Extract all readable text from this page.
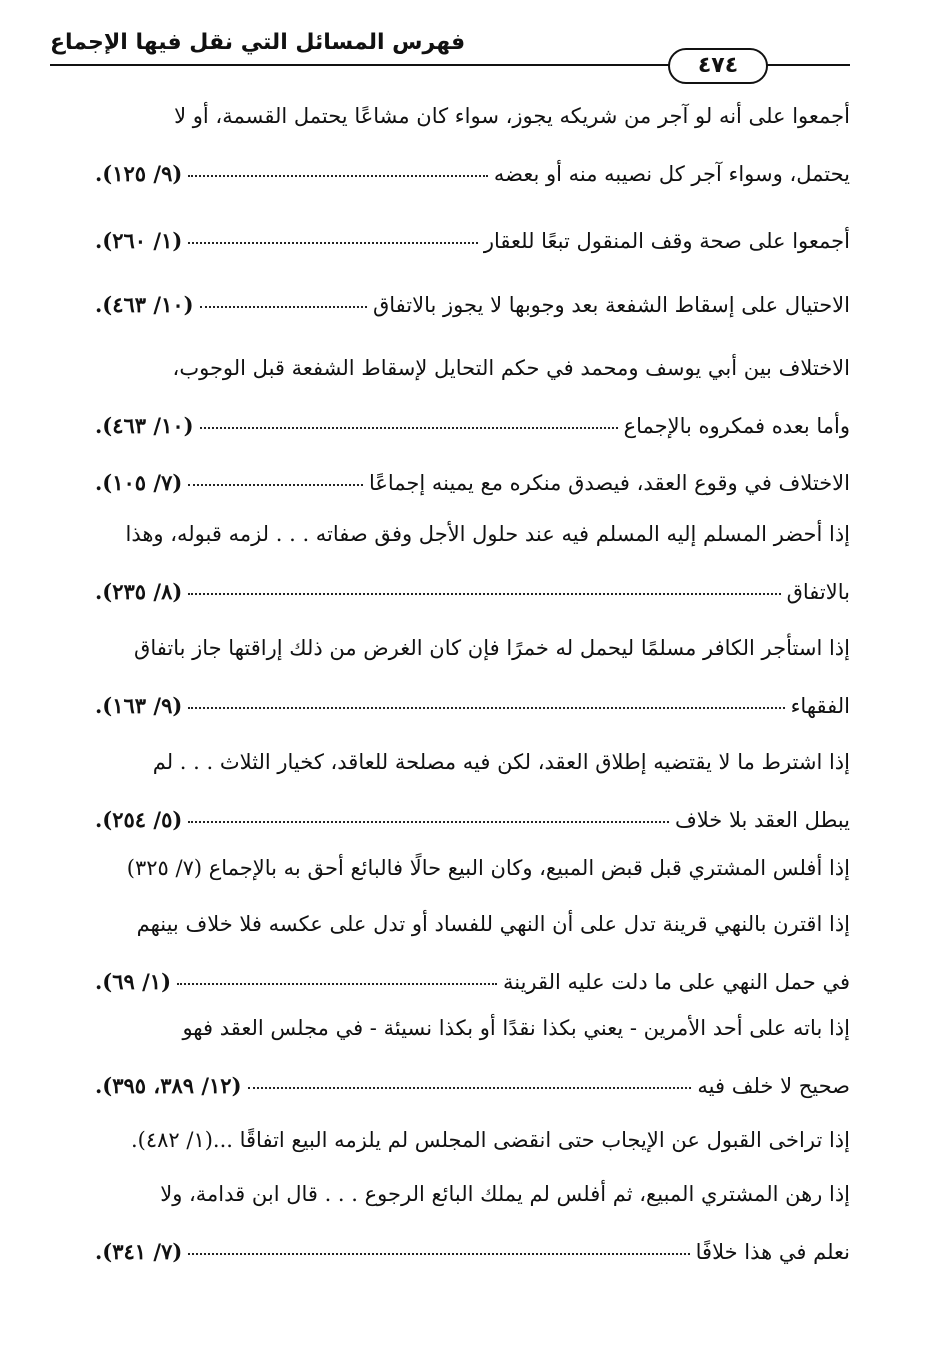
فهرس المسائل التي نقل فيها الإجماع
٤٧٤
أجمعوا على أنه لو آجر من شريكه يجوز، سواء كان مشاعًا يحتمل القسمة، أو لا
يحتمل، وسواء آجر كل نصيبه منه أو بعضه
(٩/ ١٢٥).
أجمعوا على صحة وقف المنقول تبعًا للعقار
(١/ ٢٦٠).
الاحتيال على إسقاط الشفعة بعد وجوبها لا يجوز بالاتفاق
(١٠/ ٤٦٣).
الاختلاف بين أبي يوسف ومحمد في حكم التحايل لإسقاط الشفعة قبل الوجوب،
وأما بعده فمكروه بالإجماع
(١٠/ ٤٦٣).
الاختلاف في وقوع العقد، فيصدق منكره مع يمينه إجماعًا
(٧/ ١٠٥).
إذا أحضر المسلم إليه المسلم فيه عند حلول الأجل وفق صفاته . . . لزمه قبوله، وهذا
بالاتفاق
(٨/ ٢٣٥).
إذا استأجر الكافر مسلمًا ليحمل له خمرًا فإن كان الغرض من ذلك إراقتها جاز باتفاق
الفقهاء
(٩/ ١٦٣).
إذا اشترط ما لا يقتضيه إطلاق العقد، لكن فيه مصلحة للعاقد، كخيار الثلاث . . . لم
يبطل العقد بلا خلاف
(٥/ ٢٥٤).
إذا أفلس المشتري قبل قبض المبيع، وكان البيع حالًا فالبائع أحق به بالإجماع (٧/ ٣٢٥)
إذا اقترن بالنهي قرينة تدل على أن النهي للفساد أو تدل على عكسه فلا خلاف بينهم
في حمل النهي على ما دلت عليه القرينة
(١/ ٦٩).
إذا باته على أحد الأمرين - يعني بكذا نقدًا أو بكذا نسيئة - في مجلس العقد فهو
صحيح لا خلف فيه
(١٢/ ٣٨٩، ٣٩٥).
إذا تراخى القبول عن الإيجاب حتى انقضى المجلس لم يلزمه البيع اتفاقًا ...(١/ ٤٨٢).
إذا رهن المشتري المبيع، ثم أفلس لم يملك البائع الرجوع . . . قال ابن قدامة، ولا
نعلم في هذا خلافًا
(٧/ ٣٤١).
